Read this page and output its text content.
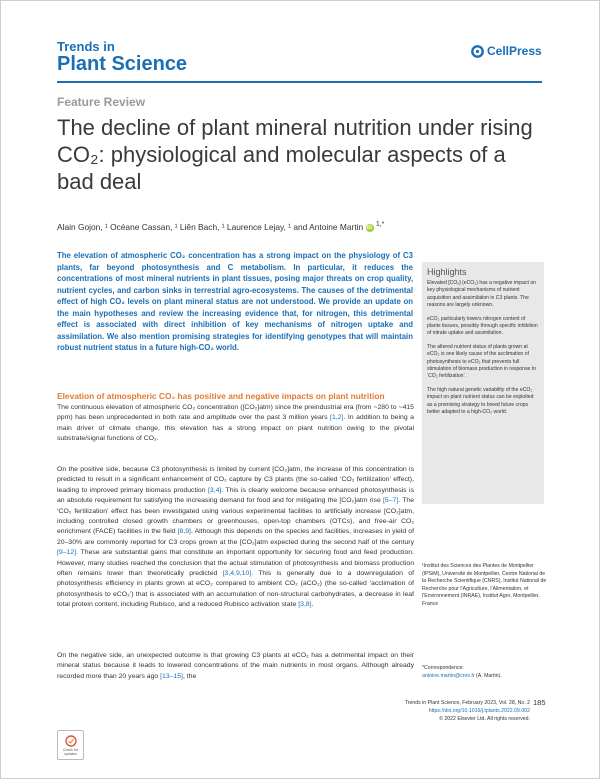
Trends in
Plant Science
CellPress
Feature Review
The decline of plant mineral nutrition under rising CO₂: physiological and molecular aspects of a bad deal
Alain Gojon, ¹ Océane Cassan, ¹ Liên Bach, ¹ Laurence Lejay, ¹ and Antoine Martin iD $^{1,*}$

The elevation of atmospheric CO₂ concentration has a strong impact on the physiology of C3 plants, far beyond photosynthesis and C metabolism. In particular, it reduces the concentrations of most mineral nutrients in plant tissues, posing major threats on crop quality, nutrient cycles, and carbon sinks in terrestrial agro-ecosystems. The causes of the detrimental effect of high CO₂ levels on plant mineral status are not understood. We provide an update on the main hypotheses and review the increasing evidence that, for nitrogen, this detrimental effect is associated with direct inhibition of key mechanisms of nitrogen uptake and assimilation. We also mention promising strategies for identifying genotypes that will maintain robust nutrient status in a future high-CO₂ world.

Highlights

Elevated [CO₂] (eCO₂) has a negative impact on key physiological mechanisms of nutrient acquisition and assimilation in C3 plants. The reasons are largely unknown.

eCO₂ particularly lowers nitrogen content of plants tissues, possibly through specific inhibition of nitrate uptake and assimilation.

The altered nutrient status of plants grown at eCO₂ is one likely cause of the acclimation of photosynthesis to eCO₂ that prevents full stimulation of biomass production in response to ‘CO₂ fertilization’.

The high natural genetic variability of the eCO₂ impact on plant nutrient status can be exploited as a promising strategy to breed future crops better adapted to a high-CO₂ world.

Elevation of atmospheric CO₂ has positive and negative impacts on plant nutrition

The continuous elevation of atmospheric CO₂ concentration ([CO₂]atm) since the preindustrial era (from ~280 to ~415 ppm) has been unprecedented in both rate and amplitude over the past 3 million years [1,2]. In addition to being a main driver of climate change, this elevation has a strong impact on plant nutrition owing to the pivotal substrate/signal functions of CO₂.

On the positive side, because C3 photosynthesis is limited by current [CO₂]atm, the increase of this concentration is predicted to result in a significant enhancement of CO₂ capture by C3 plants (the so-called ‘CO₂ fertilization’ effect), leading to improved primary biomass production [3,4]. This is clearly welcome because enhanced photosynthesis is an absolute requirement for satisfying the increasing demand for food and for mitigating the [CO₂]atm rise [5–7]. The ‘CO₂ fertilization’ effect has been investigated using various experimental facilities to artificially increase [CO₂]atm, including controlled closed growth chambers or greenhouses, open-top chambers (OTCs), and free-air CO₂ enrichment (FACE) facilities in the field [8,9]. Although this depends on the species and facilities, increases in yield of 20–30% are commonly reported for C3 crops grown at the [CO₂]atm expected during the second half of the century [9–12]. These are substantial gains that constitute an important opportunity for securing food and feed production. However, many studies reached the conclusion that the actual stimulation of photosynthesis and biomass production often remains lower than theoretically predicted [3,4,9,10]. This is generally due to a downregulation of photosynthesis efficiency in plants grown at eCO₂ compared to ambient CO₂ (aCO₂) (the so-called ‘acclimation of photosynthesis to eCO₂’) that is associated with an accumulation of non-structural carbohydrates, a decrease in leaf total protein content, including Rubisco, and a reduced Rubisco activation state [3,8].

On the negative side, an unexpected outcome is that growing C3 plants at eCO₂ has a detrimental impact on their mineral status because it leads to lowered concentrations of the main nutrients in most organs. Although already recorded more than 20 years ago [13–15], the

¹Institut des Sciences des Plantes de Montpellier (IPSiM), Université de Montpellier, Centre National de la Recherche Scientifique (CNRS), Institut National de Recherche pour l’Agriculture, l’Alimentation, et l’Environnement (INRAE), Institut Agro, Montpellier, France

*Correspondence:
antoine.martin@cnrs.fr (A. Martin).
Trends in Plant Science, February 2023, Vol. 28, No. 2
https://doi.org/10.1016/j.tplants.2022.09.002
© 2022 Elsevier Ltd. All rights reserved.
185
Check for updates
